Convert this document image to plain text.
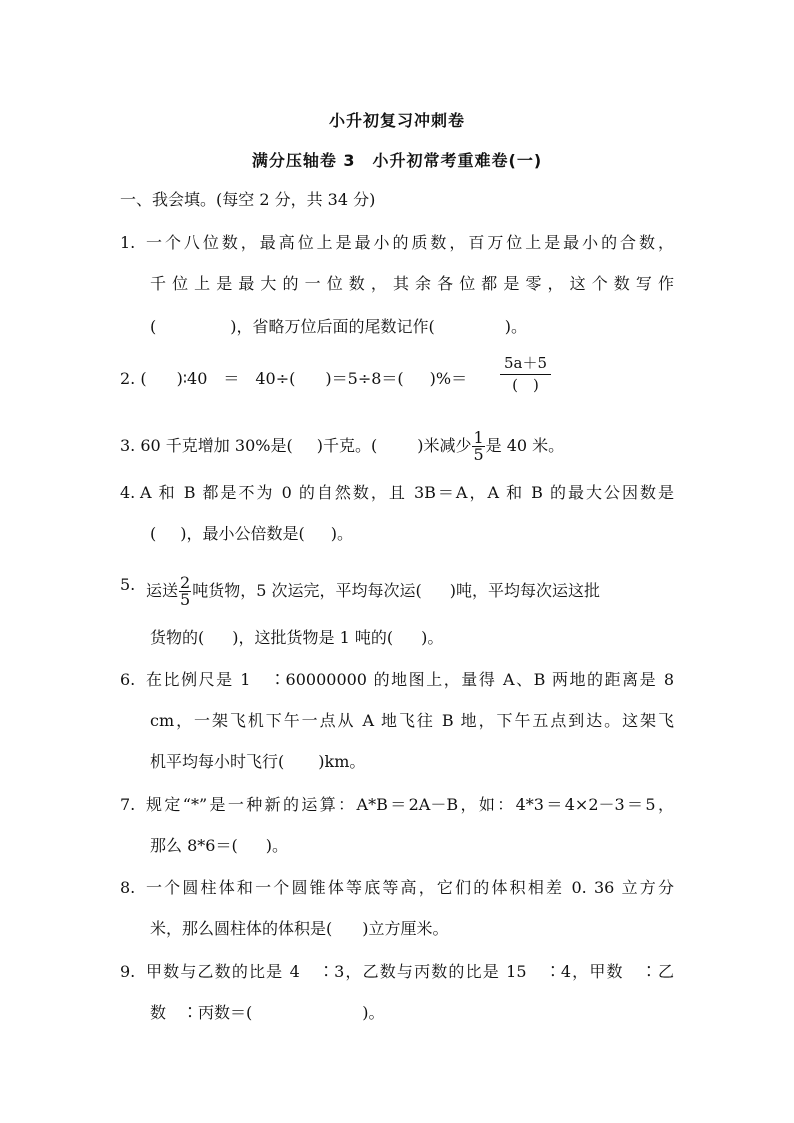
小升初复习冲刺卷
满分压轴卷 3　小升初常考重难卷(一)
一、我会填。(每空 2 分，共 34 分)
1. 一个八位数，最高位上是最小的质数，百万位上是最小的合数，
千位上是最大的一位数，其余各位都是零，这个数写作
(	)，省略万位后面的尾数记作(	)。
2. ( )∶40　＝　40÷( )＝5÷8＝( )%＝
5a＋5
(　)
3. 60 千克增加 30%是( )千克。(	)米减少 $\frac{1}{5}$ 是 40 米。
4. A 和 B 都是不为 0 的自然数，且 3B＝A，A 和 B 的最大公因数是
( )，最小公倍数是( )。
5. 运送 $\frac{2}{5}$ 吨货物，5 次运完，平均每次运( )吨，平均每次运这批
货物的( )，这批货物是 1 吨的( )。
6. 在比例尺是 1　∶60000000 的地图上，量得 A、B 两地的距离是 8
cm，一架飞机下午一点从 A 地飞往 B 地，下午五点到达。这架飞
机平均每小时飞行( )km。
7. 规定“*”是一种新的运算：A*B＝2A－B，如：4*3＝4×2－3＝5，
那么 8*6＝( )。
8. 一个圆柱体和一个圆锥体等底等高，它们的体积相差 0. 36 立方分
米，那么圆柱体的体积是( )立方厘米。
9. 甲数与乙数的比是 4　∶3，乙数与丙数的比是 15　∶4，甲数　∶乙
数　∶丙数＝(	)。
